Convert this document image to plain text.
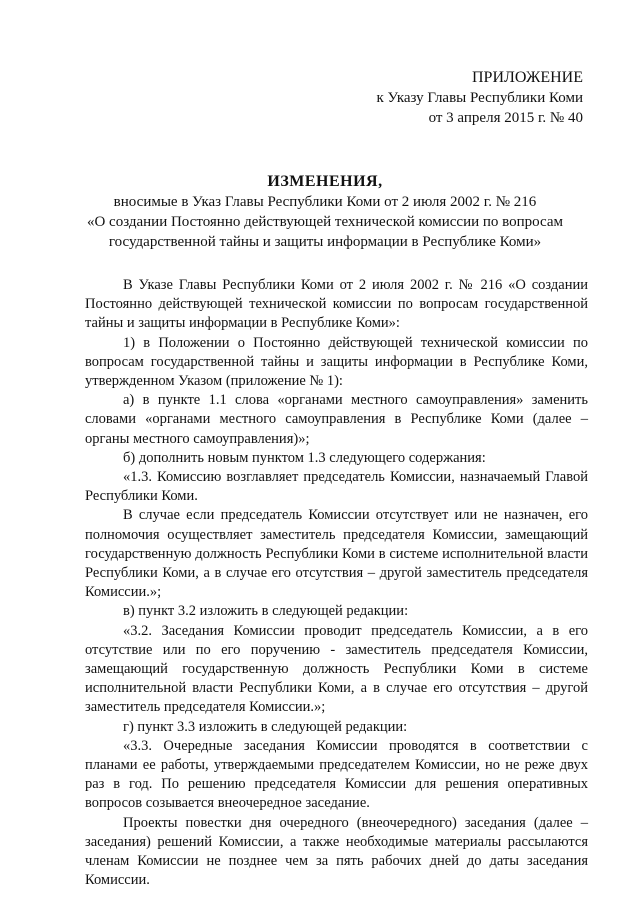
ПРИЛОЖЕНИЕ
к Указу Главы Республики Коми
от 3 апреля 2015 г. № 40
ИЗМЕНЕНИЯ,
вносимые в Указ Главы Республики Коми от 2 июля 2002 г. № 216
«О создании Постоянно действующей технической комиссии по вопросам
государственной тайны и защиты информации в Республике Коми»

В Указе Главы Республики Коми от 2 июля 2002 г. № 216 «О создании Постоянно действующей технической комиссии по вопросам государственной тайны и защиты информации в Республике Коми»:

1) в Положении о Постоянно действующей технической комиссии по вопросам государственной тайны и защиты информации в Республике Коми, утвержденном Указом (приложение № 1):

а) в пункте 1.1 слова «органами местного самоуправления» заменить словами «органами местного самоуправления в Республике Коми (далее – органы местного самоуправления)»;

б) дополнить новым пунктом 1.3 следующего содержания:

«1.3. Комиссию возглавляет председатель Комиссии, назначаемый Главой Республики Коми.

В случае если председатель Комиссии отсутствует или не назначен, его полномочия осуществляет заместитель председателя Комиссии, замещающий государственную должность Республики Коми в системе исполнительной власти Республики Коми, а в случае его отсутствия – другой заместитель председателя Комиссии.»;

в) пункт 3.2 изложить в следующей редакции:

«3.2. Заседания Комиссии проводит председатель Комиссии, а в его отсутствие или по его поручению - заместитель председателя Комиссии, замещающий государственную должность Республики Коми в системе исполнительной власти Республики Коми, а в случае его отсутствия – другой заместитель председателя Комиссии.»;

г) пункт 3.3 изложить в следующей редакции:

«3.3. Очередные заседания Комиссии проводятся в соответствии с планами ее работы, утверждаемыми председателем Комиссии, но не реже двух раз в год. По решению председателя Комиссии для решения оперативных вопросов созывается внеочередное заседание.

Проекты повестки дня очередного (внеочередного) заседания (далее – заседания) решений Комиссии, а также необходимые материалы рассылаются членам Комиссии не позднее чем за пять рабочих дней до даты заседания Комиссии.
